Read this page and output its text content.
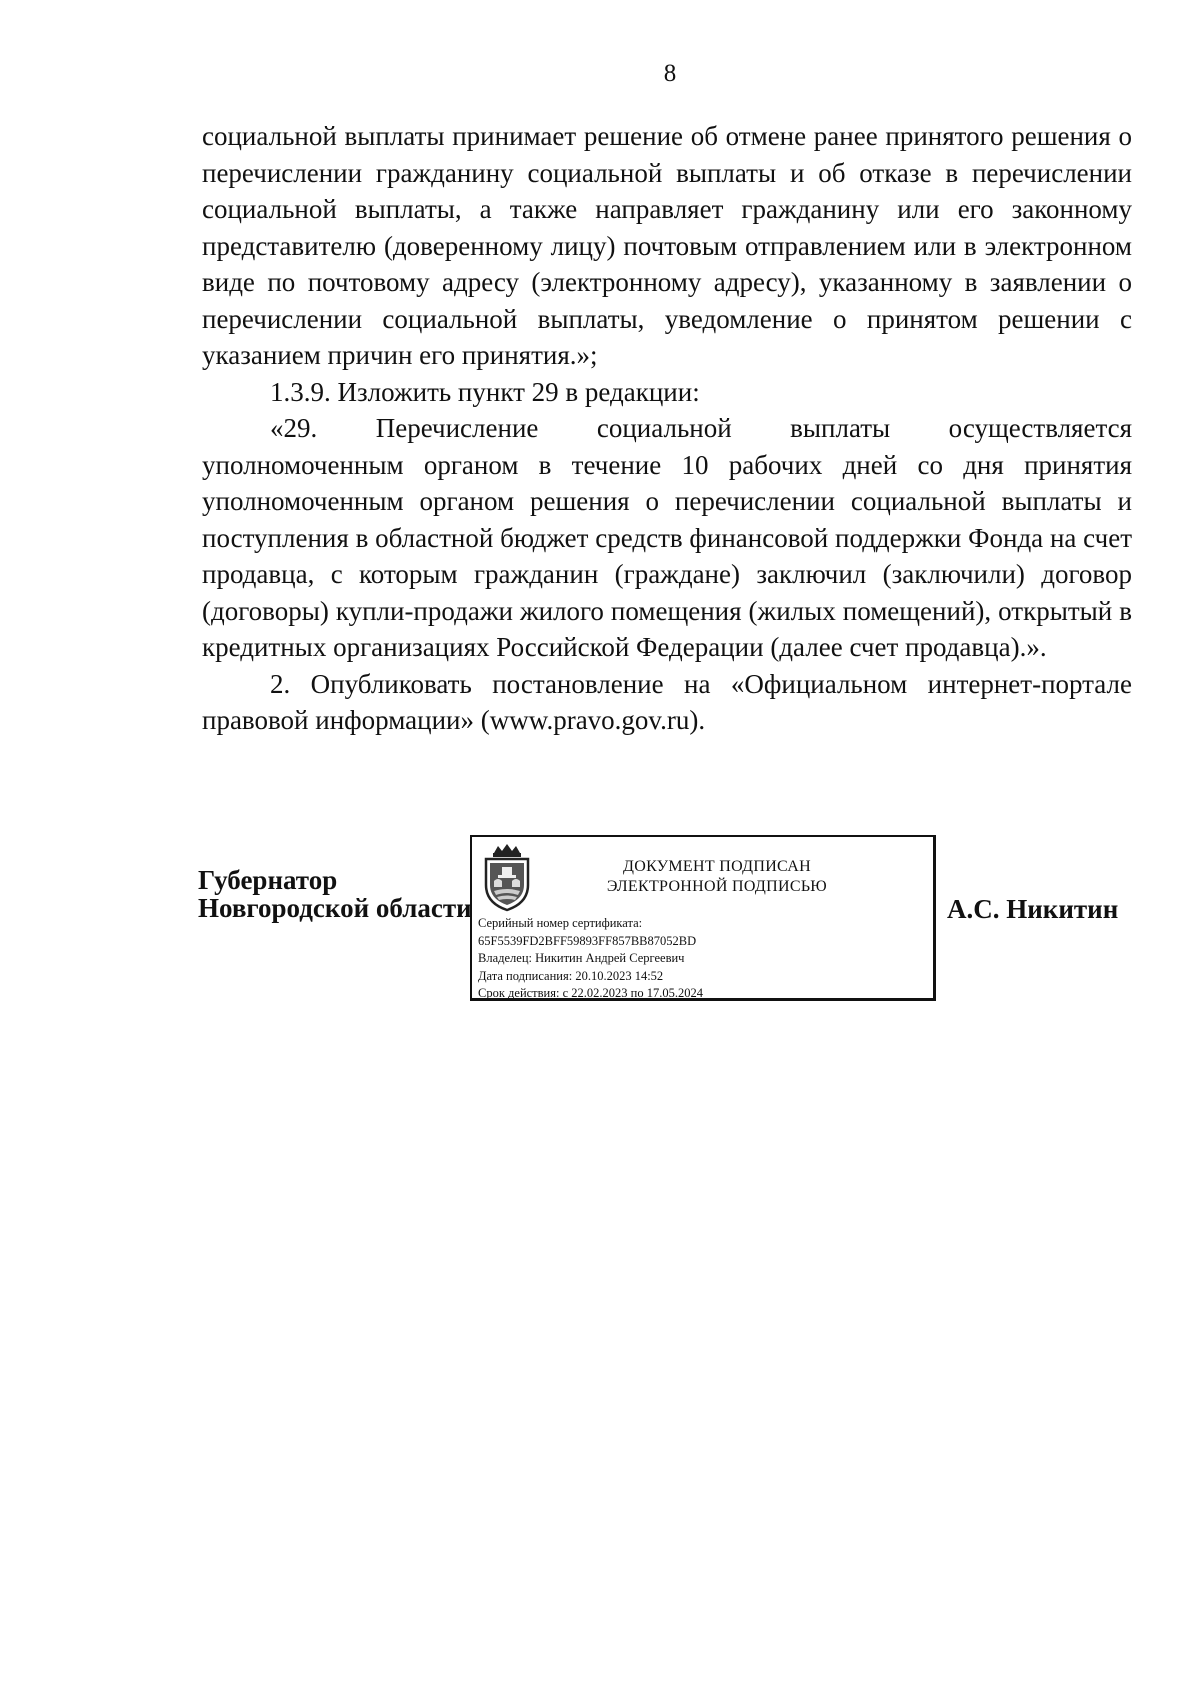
8

социальной выплаты принимает решение об отмене ранее принятого решения о перечислении гражданину социальной выплаты и об отказе в перечислении социальной выплаты, а также направляет гражданину или его законному представителю (доверенному лицу) почтовым отправлением или в электронном виде по почтовому адресу (электронному адресу), указанному в заявлении о перечислении социальной выплаты, уведомление о принятом решении с указанием причин его принятия.»;

1.3.9. Изложить пункт 29 в редакции:

«29. Перечисление социальной выплаты осуществляется уполномоченным органом в течение 10 рабочих дней со дня принятия уполномоченным органом решения о перечислении социальной выплаты и поступления в областной бюджет средств финансовой поддержки Фонда на счет продавца, с которым гражданин (граждане) заключил (заключили) договор (договоры) купли-продажи жилого помещения (жилых помещений), открытый в кредитных организациях Российской Федерации (далее счет продавца).».

2. Опубликовать постановление на «Официальном интернет-портале правовой информации» (www.pravo.gov.ru).

Губернатор
Новгородской области
ДОКУМЕНТ ПОДПИСАН
ЭЛЕКТРОННОЙ ПОДПИСЬЮ
Серийный номер сертификата:
65F5539FD2BFF59893FF857BB87052BD
Владелец: Никитин Андрей Сергеевич
Дата подписания: 20.10.2023 14:52
Срок действия: с 22.02.2023 по 17.05.2024
А.С. Никитин
